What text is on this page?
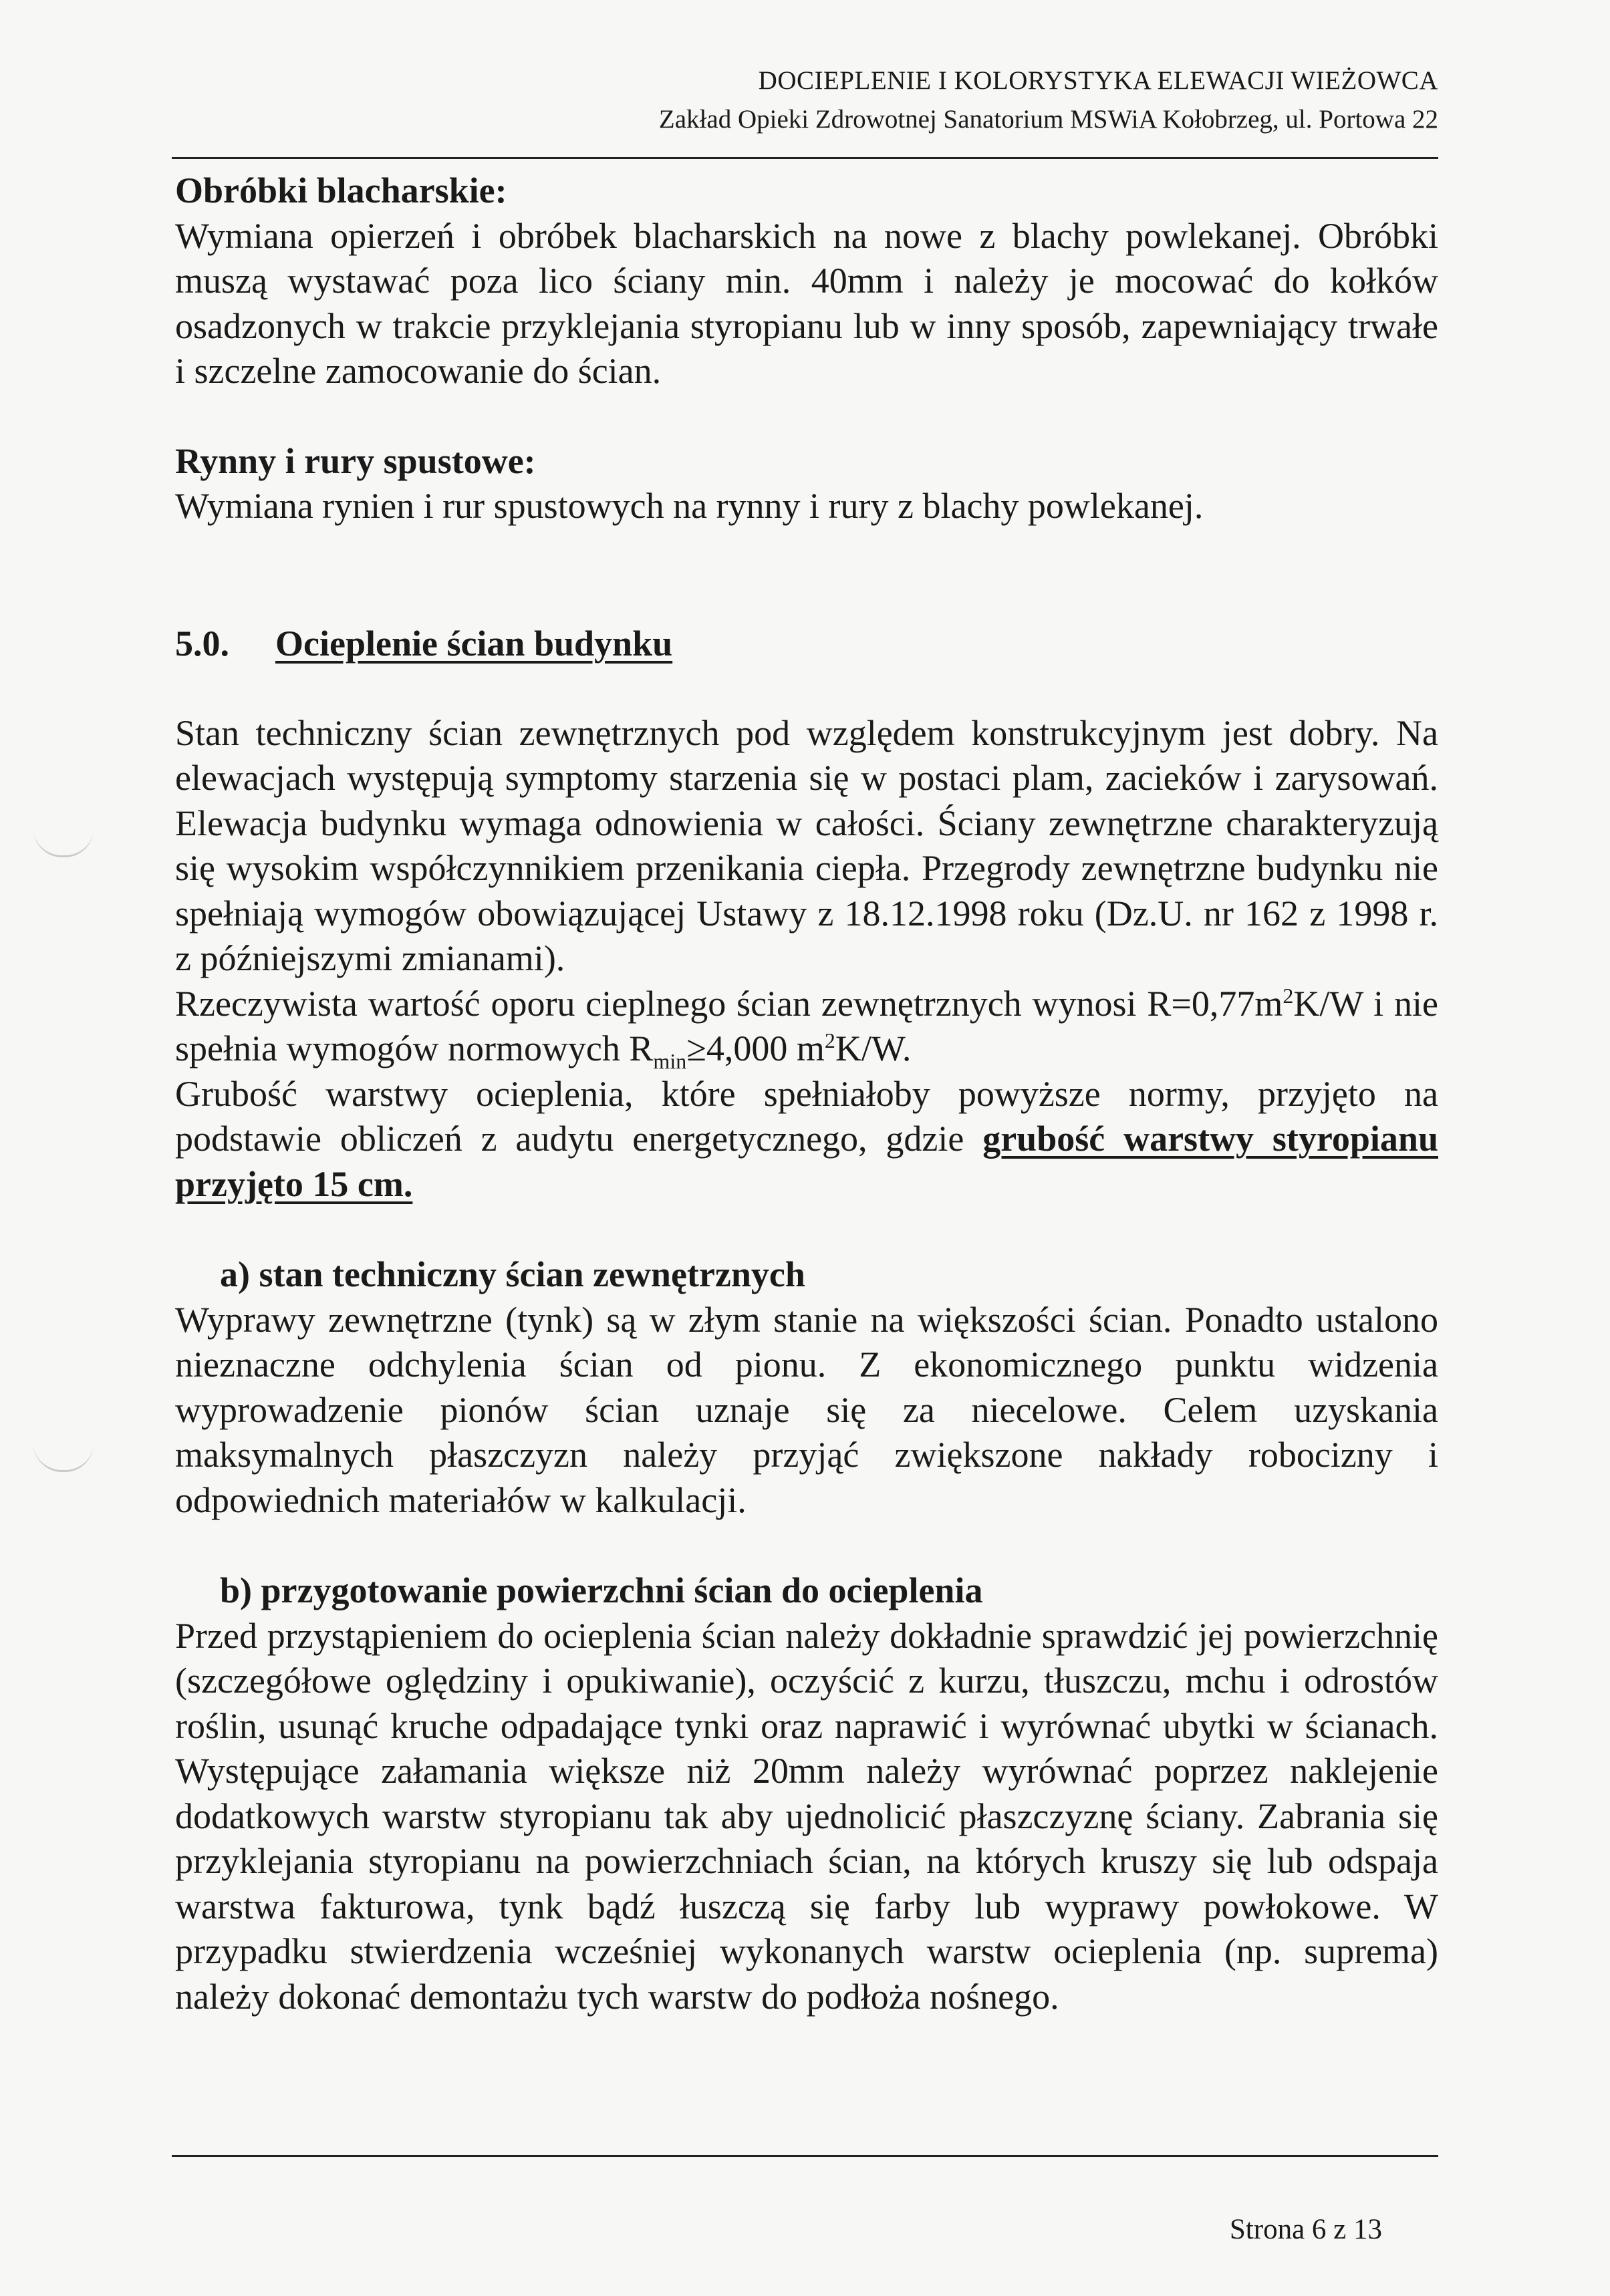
DOCIEPLENIE I KOLORYSTYKA ELEWACJI WIEŻOWCA
Zakład Opieki Zdrowotnej Sanatorium MSWiA Kołobrzeg, ul. Portowa 22

Obróbki blacharskie:

Wymiana opierzeń i obróbek blacharskich na nowe z blachy powlekanej. Obróbki muszą wystawać poza lico ściany min. 40mm i należy je mocować do kołków osadzonych w trakcie przyklejania styropianu lub w inny sposób, zapewniający trwałe i szczelne zamocowanie do ścian.

Rynny i rury spustowe:

Wymiana rynien i rur spustowych na rynny i rury z blachy powlekanej.

5.0.	Ocieplenie ścian budynku

Stan techniczny ścian zewnętrznych pod względem konstrukcyjnym jest dobry. Na elewacjach występują symptomy starzenia się w postaci plam, zacieków i zarysowań. Elewacja budynku wymaga odnowienia w całości. Ściany zewnętrzne charakteryzują się wysokim współczynnikiem przenikania ciepła. Przegrody zewnętrzne budynku nie spełniają wymogów obowiązującej Ustawy z 18.12.1998 roku (Dz.U. nr 162 z 1998 r. z późniejszymi zmianami).

Rzeczywista wartość oporu cieplnego ścian zewnętrznych wynosi $R=0,77m^2K/W$ i nie spełnia wymogów normowych $R_{min}\ge 4,000$ $m^2K/W$.

Grubość warstwy ocieplenia, które spełniałoby powyższe normy, przyjęto na podstawie obliczeń z audytu energetycznego, gdzie grubość warstwy styropianu przyjęto 15 cm.

a) stan techniczny ścian zewnętrznych

Wyprawy zewnętrzne (tynk) są w złym stanie na większości ścian. Ponadto ustalono nieznaczne odchylenia ścian od pionu. Z ekonomicznego punktu widzenia wyprowadzenie pionów ścian uznaje się za niecelowe. Celem uzyskania maksymalnych płaszczyzn należy przyjąć zwiększone nakłady robocizny i odpowiednich materiałów w kalkulacji.

b) przygotowanie powierzchni ścian do ocieplenia

Przed przystąpieniem do ocieplenia ścian należy dokładnie sprawdzić jej powierzchnię (szczegółowe oględziny i opukiwanie), oczyścić z kurzu, tłuszczu, mchu i odrostów roślin, usunąć kruche odpadające tynki oraz naprawić i wyrównać ubytki w ścianach. Występujące załamania większe niż 20mm należy wyrównać poprzez naklejenie dodatkowych warstw styropianu tak aby ujednolicić płaszczyznę ściany. Zabrania się przyklejania styropianu na powierzchniach ścian, na których kruszy się lub odspaja warstwa fakturowa, tynk bądź łuszczą się farby lub wyprawy powłokowe. W przypadku stwierdzenia wcześniej wykonanych warstw ocieplenia (np. suprema) należy dokonać demontażu tych warstw do podłoża nośnego.

Strona 6 z 13
